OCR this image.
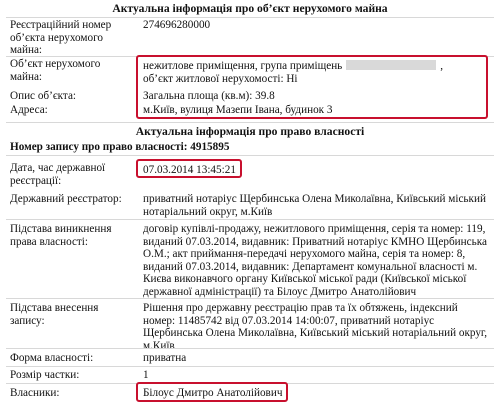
Актуальна інформація про об’єкт нерухомого майна
Реєстраційний номер об’єкта нерухомого майна:
274696280000
Об’єкт нерухомого майна:
нежитлове приміщення, група приміщень	, об’єкт житлової нерухомості: Ні
Опис об’єкта:	Загальна площа (кв.м): 39.8
Адреса:	м.Київ, вулиця Мазепи Івана, будинок 3
Актуальна інформація про право власності
Номер запису про право власності: 4915895
Дата, час державної реєстрації:
07.03.2014 13:45:21
Державний реєстратор:	приватний нотаріус Щербинська Олена Миколаївна, Київський міський нотаріальний округ, м.Київ
Підстава виникнення права власності:
договір купівлі-продажу, нежитлового приміщення, серія та номер: 119, виданий 07.03.2014, видавник: Приватний нотаріус КМНО Щербинська О.М.; акт приймання-передачі нерухомого майна, серія та номер: 8, виданий 07.03.2014, видавник: Департамент комунальної власності м. Києва виконавчого органу Київської міської ради (Київської міської державної адміністрації) та Білоус Дмитро Анатолійович
Підстава внесення запису:
Рішення про державну реєстрацію прав та їх обтяжень, індексний номер: 11485742 від 07.03.2014 14:00:07, приватний нотаріус Щербинська Олена Миколаївна, Київський міський нотаріальний округ, м.Київ
Форма власності:	приватна
Розмір частки:	1
Власники:	Білоус Дмитро Анатолійович
